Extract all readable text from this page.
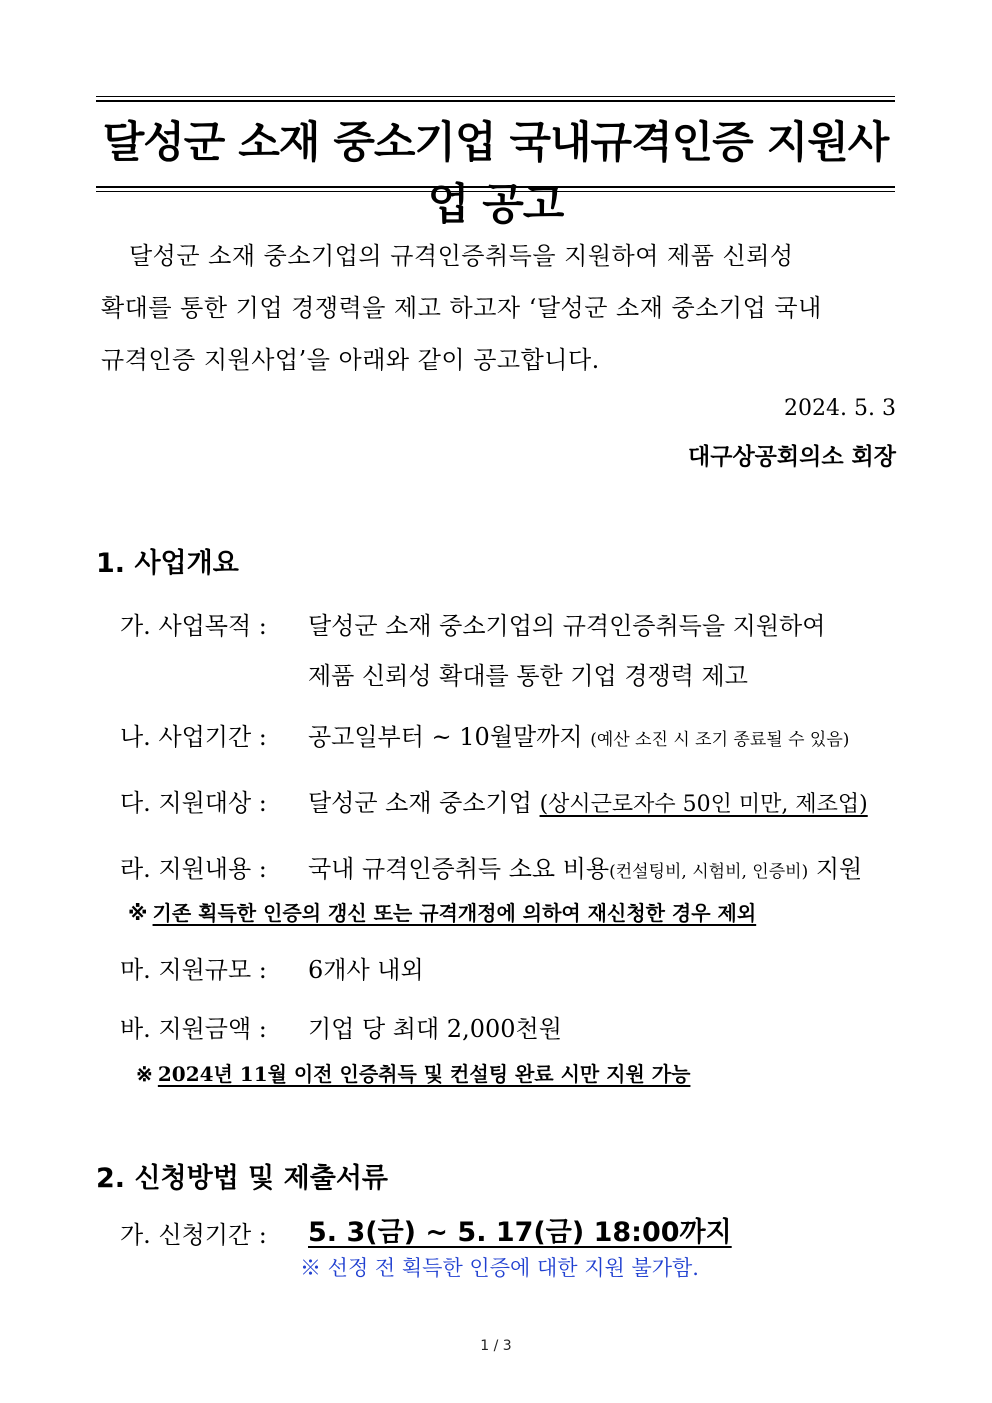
달성군 소재 중소기업 국내규격인증 지원사업 공고
달성군 소재 중소기업의 규격인증취득을 지원하여 제품 신뢰성
확대를 통한 기업 경쟁력을 제고 하고자 ‘달성군 소재 중소기업 국내
규격인증 지원사업’을 아래와 같이 공고합니다.
2024. 5. 3
대구상공회의소 회장
1. 사업개요
가. 사업목적 : 달성군 소재 중소기업의 규격인증취득을 지원하여
제품 신뢰성 확대를 통한 기업 경쟁력 제고
나. 사업기간 : 공고일부터 ~ 10월말까지 (예산 소진 시 조기 종료될 수 있음)
다. 지원대상 : 달성군 소재 중소기업 (상시근로자수 50인 미만, 제조업)
라. 지원내용 : 국내 규격인증취득 소요 비용(컨설팅비, 시험비, 인증비) 지원
※ 기존 획득한 인증의 갱신 또는 규격개정에 의하여 재신청한 경우 제외
마. 지원규모 : 6개사 내외
바. 지원금액 : 기업 당 최대 2,000천원
※ 2024년 11월 이전 인증취득 및 컨설팅 완료 시만 지원 가능
2. 신청방법 및 제출서류
가. 신청기간 : 5. 3(금) ~ 5. 17(금) 18:00까지
※ 선정 전 획득한 인증에 대한 지원 불가함.
1 / 3
